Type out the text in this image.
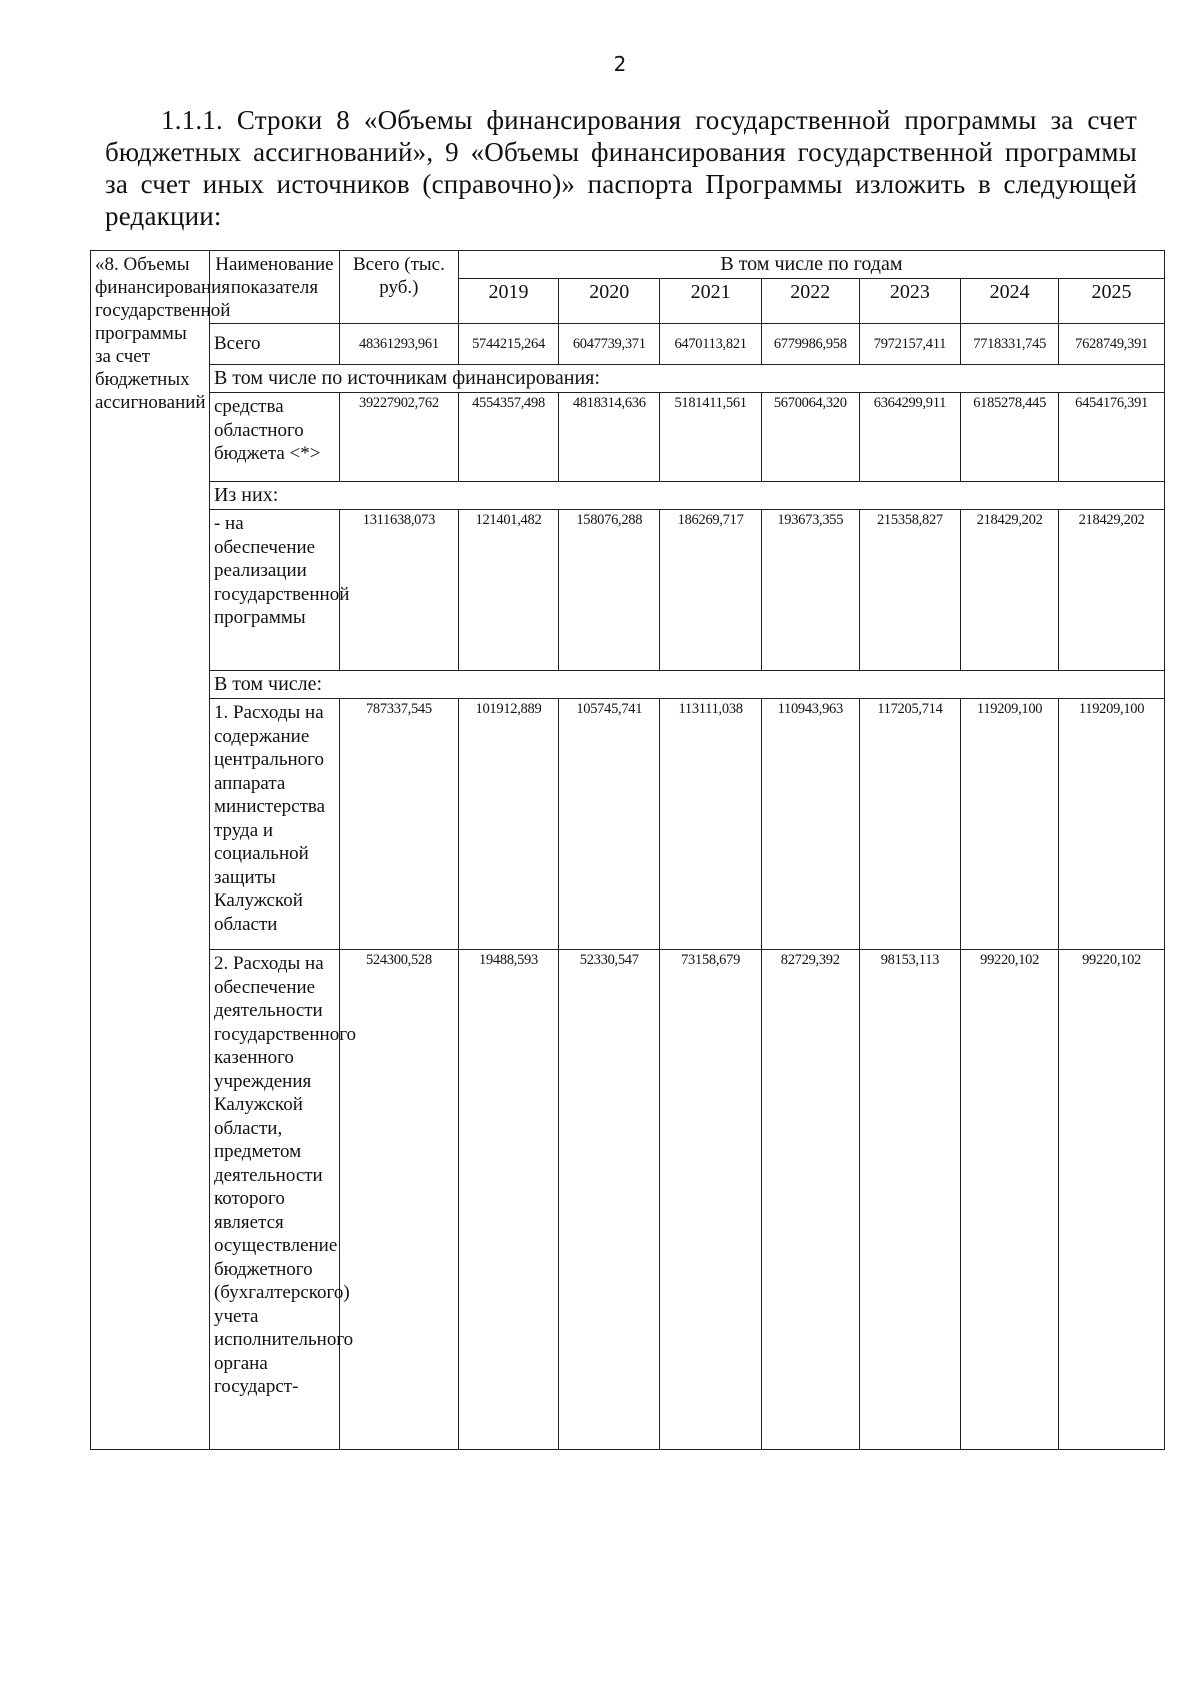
2

1.1.1. Строки 8 «Объемы финансирования государственной программы за счет бюджетных ассигнований», 9 «Объемы финансирования государственной программы за счет иных источников (справочно)» паспорта Программы изложить в следующей редакции:

«8. Объемы финансирования государственной программы за счет бюджетных ассигнований	Наименование показателя	Всего (тыс. руб.)	В том числе по годам						
			2019	2020	2021	2022	2023	2024	2025
	Всего	48361293,961	5744215,264	6047739,371	6470113,821	6779986,958	7972157,411	7718331,745	7628749,391
	В том числе по источникам финансирования:								
	средства областного бюджета <*>	39227902,762	4554357,498	4818314,636	5181411,561	5670064,320	6364299,911	6185278,445	6454176,391
	Из них:								
	- на обеспечение реализации государственной программы	1311638,073	121401,482	158076,288	186269,717	193673,355	215358,827	218429,202	218429,202
	В том числе:								
	1. Расходы на содержание центрального аппарата министерства труда и социальной защиты Калужской области	787337,545	101912,889	105745,741	113111,038	110943,963	117205,714	119209,100	119209,100
	2. Расходы на обеспечение деятельности государственного казенного учреждения Калужской области, предметом деятельности которого является осуществление бюджетного (бухгалтерского) учета исполнительного органа государст-	524300,528	19488,593	52330,547	73158,679	82729,392	98153,113	99220,102	99220,102
